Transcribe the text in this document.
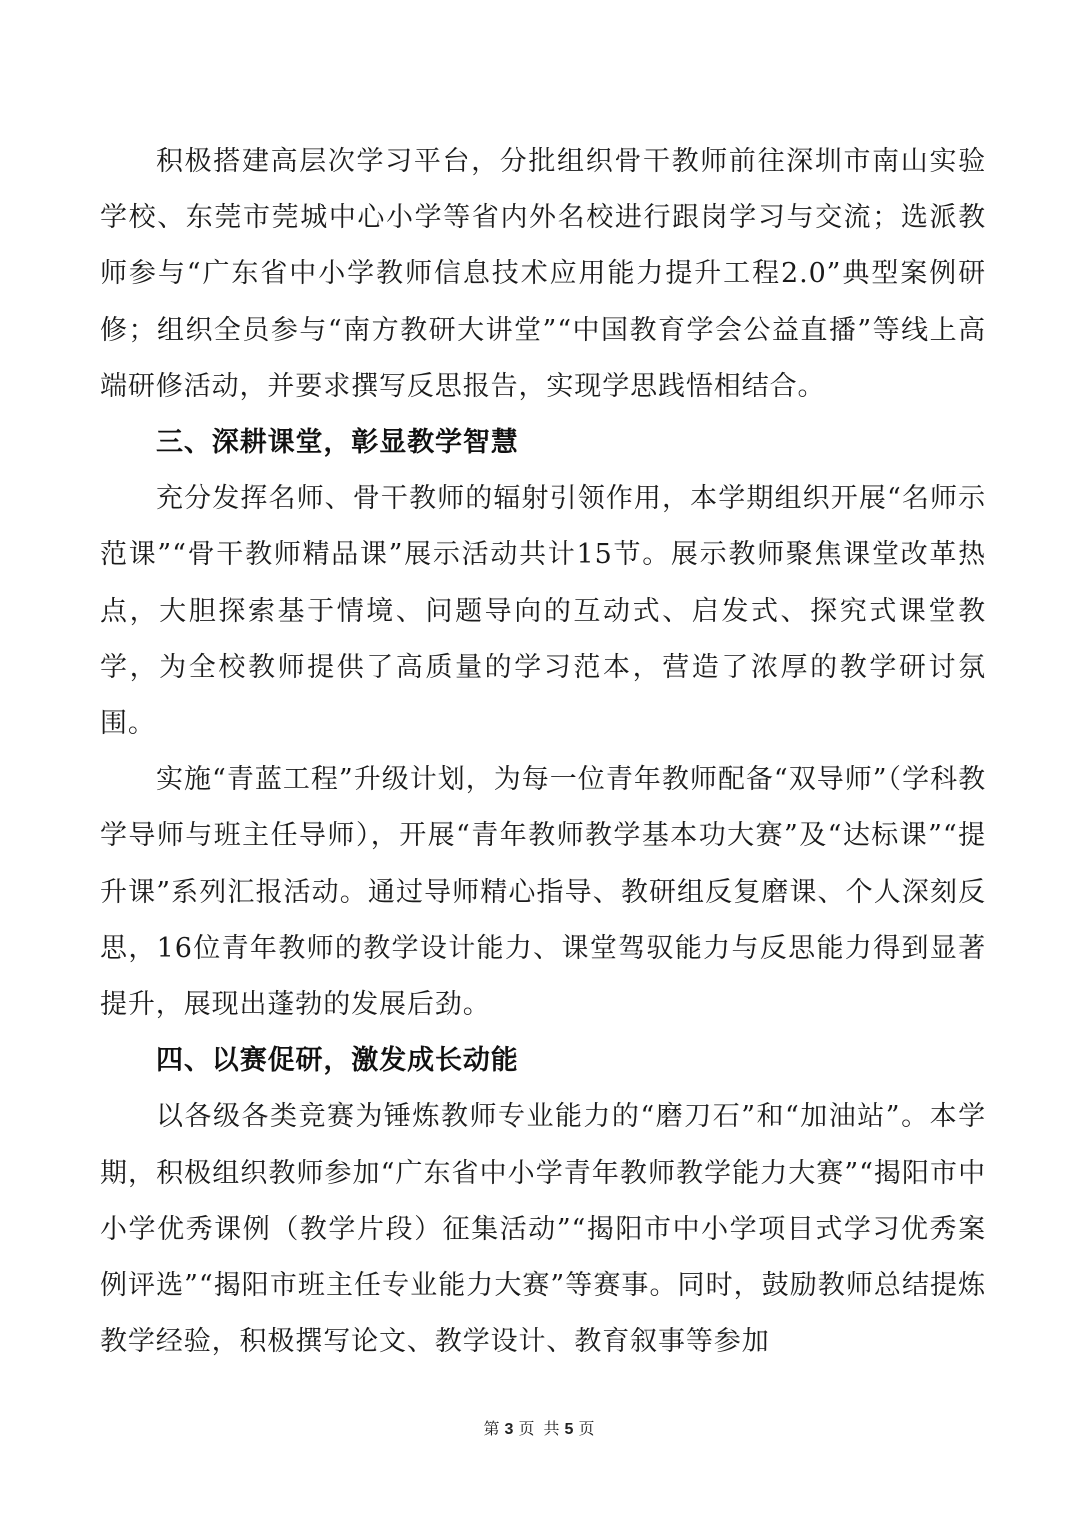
积极搭建高层次学习平台，分批组织骨干教师前往深圳市南山实验学校、东莞市莞城中心小学等省内外名校进行跟岗学习与交流；选派教师参与“广东省中小学教师信息技术应用能力提升工程2.0”典型案例研修；组织全员参与“南方教研大讲堂”“中国教育学会公益直播”等线上高端研修活动，并要求撰写反思报告，实现学思践悟相结合。

三、深耕课堂，彰显教学智慧

充分发挥名师、骨干教师的辐射引领作用，本学期组织开展“名师示范课”“骨干教师精品课”展示活动共计15节。展示教师聚焦课堂改革热点，大胆探索基于情境、问题导向的互动式、启发式、探究式课堂教学，为全校教师提供了高质量的学习范本，营造了浓厚的教学研讨氛围。

实施“青蓝工程”升级计划，为每一位青年教师配备“双导师”（学科教学导师与班主任导师），开展“青年教师教学基本功大赛”及“达标课”“提升课”系列汇报活动。通过导师精心指导、教研组反复磨课、个人深刻反思，16位青年教师的教学设计能力、课堂驾驭能力与反思能力得到显著提升，展现出蓬勃的发展后劲。

四、以赛促研，激发成长动能

以各级各类竞赛为锤炼教师专业能力的“磨刀石”和“加油站”。本学期，积极组织教师参加“广东省中小学青年教师教学能力大赛”“揭阳市中小学优秀课例（教学片段）征集活动”“揭阳市中小学项目式学习优秀案例评选”“揭阳市班主任专业能力大赛”等赛事。同时，鼓励教师总结提炼教学经验，积极撰写论文、教学设计、教育叙事等参加

第 3 页 共 5 页
